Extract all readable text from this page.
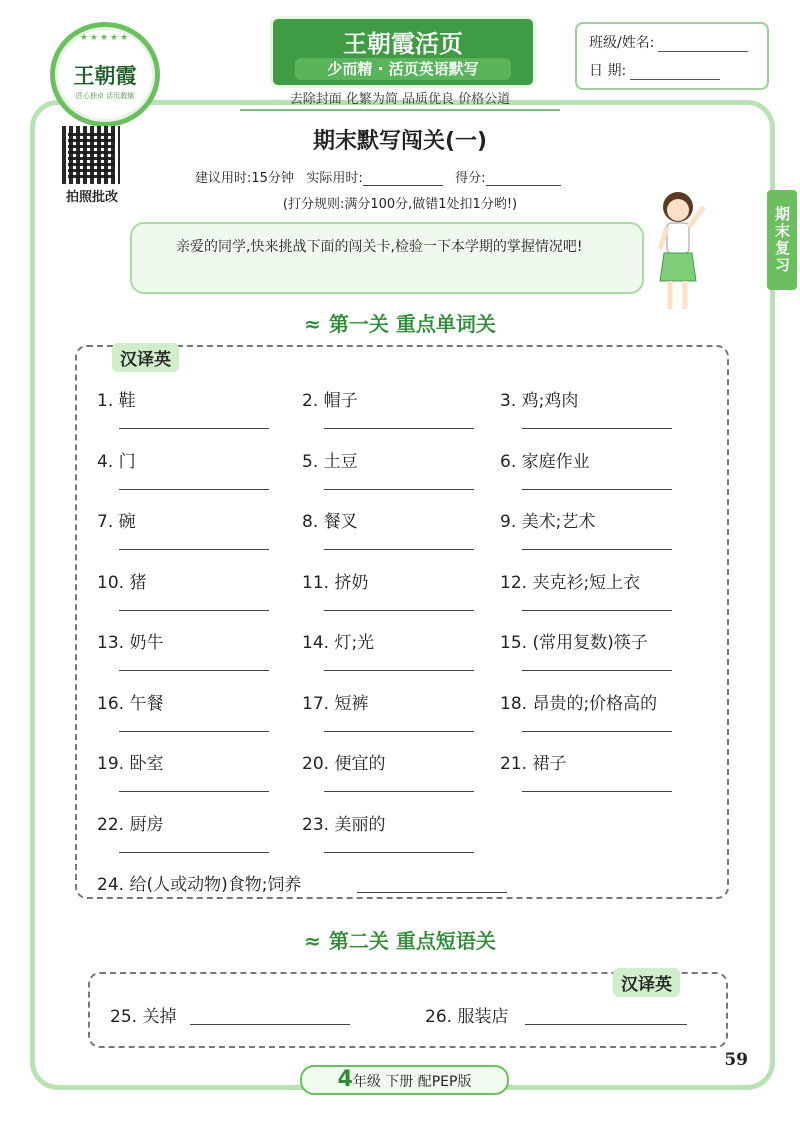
★★★★★
王朝霞
匠心独卓 活页教辅
王朝霞活页
少而精 · 活页英语默写
去除封面 化繁为简 品质优良 价格公道
班级/姓名:
日 期:
拍照批改
期末默写闯关(一)
建议用时:15分钟 实际用时:	得分:
(打分规则:满分100分,做错1处扣1分哟!)
期末复习
亲爱的同学,快来挑战下面的闯关卡,检验一下本学期的掌握情况吧!
≈ 第一关 重点单词关
汉译英
1. 鞋	2. 帽子	3. 鸡;鸡肉
4. 门	5. 土豆	6. 家庭作业
7. 碗	8. 餐叉	9. 美术;艺术
10. 猪	11. 挤奶	12. 夹克衫;短上衣
13. 奶牛	14. 灯;光	15. (常用复数)筷子
16. 午餐	17. 短裤	18. 昂贵的;价格高的
19. 卧室	20. 便宜的	21. 裙子
22. 厨房	23. 美丽的
24. 给(人或动物)食物;饲养
≈ 第二关 重点短语关
汉译英
25. 关掉	26. 服装店
4年级 下册 配PEP版
59
